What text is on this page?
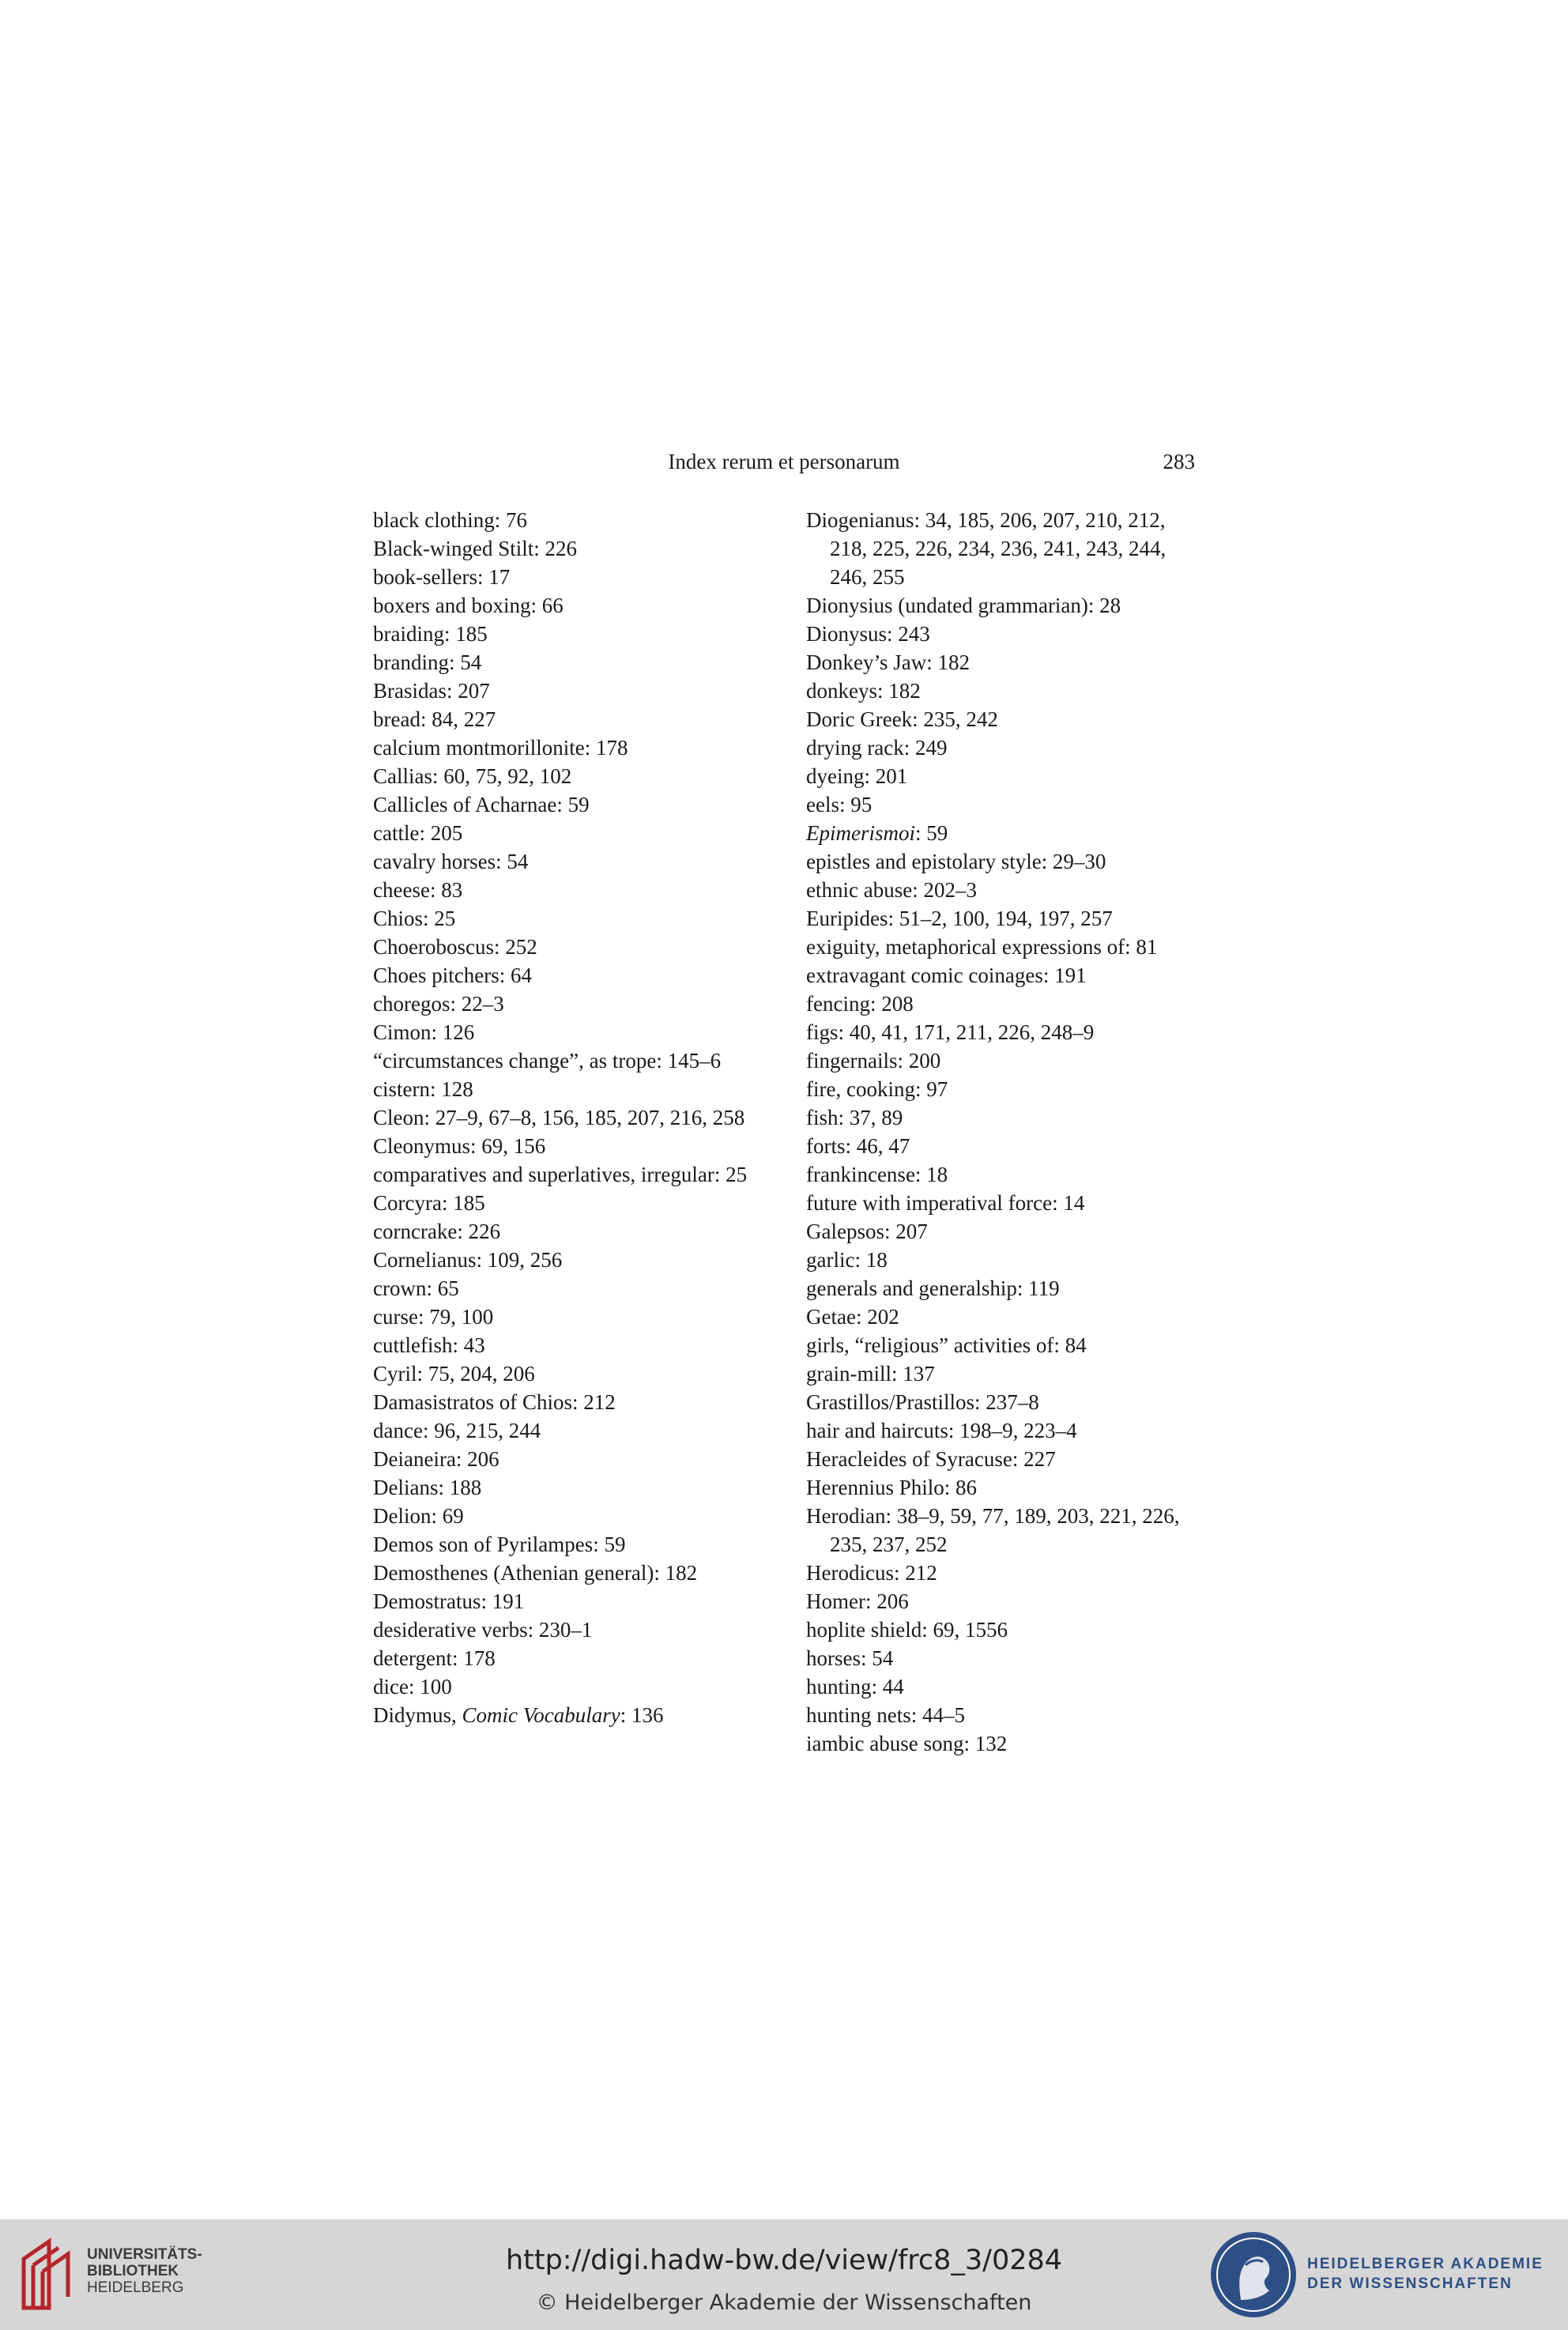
Index rerum et personarum	283

black clothing: 76

Black-winged Stilt: 226

book-sellers: 17

boxers and boxing: 66

braiding: 185

branding: 54

Brasidas: 207

bread: 84, 227

calcium montmorillonite: 178

Callias: 60, 75, 92, 102

Callicles of Acharnae: 59

cattle: 205

cavalry horses: 54

cheese: 83

Chios: 25

Choeroboscus: 252

Choes pitchers: 64

choregos: 22–3

Cimon: 126

“circumstances change”, as trope: 145–6

cistern: 128

Cleon: 27–9, 67–8, 156, 185, 207, 216, 258

Cleonymus: 69, 156

comparatives and superlatives, irregular: 25

Corcyra: 185

corncrake: 226

Cornelianus: 109, 256

crown: 65

curse: 79, 100

cuttlefish: 43

Cyril: 75, 204, 206

Damasistratos of Chios: 212

dance: 96, 215, 244

Deianeira: 206

Delians: 188

Delion: 69

Demos son of Pyrilampes: 59

Demosthenes (Athenian general): 182

Demostratus: 191

desiderative verbs: 230–1

detergent: 178

dice: 100

Didymus, Comic Vocabulary: 136

Diogenianus: 34, 185, 206, 207, 210, 212, 218, 225, 226, 234, 236, 241, 243, 244, 246, 255

Dionysius (undated grammarian): 28

Dionysus: 243

Donkey’s Jaw: 182

donkeys: 182

Doric Greek: 235, 242

drying rack: 249

dyeing: 201

eels: 95

Epimerismoi: 59

epistles and epistolary style: 29–30

ethnic abuse: 202–3

Euripides: 51–2, 100, 194, 197, 257

exiguity, metaphorical expressions of: 81

extravagant comic coinages: 191

fencing: 208

figs: 40, 41, 171, 211, 226, 248–9

fingernails: 200

fire, cooking: 97

fish: 37, 89

forts: 46, 47

frankincense: 18

future with imperatival force: 14

Galepsos: 207

garlic: 18

generals and generalship: 119

Getae: 202

girls, “religious” activities of: 84

grain-mill: 137

Grastillos/Prastillos: 237–8

hair and haircuts: 198–9, 223–4

Heracleides of Syracuse: 227

Herennius Philo: 86

Herodian: 38–9, 59, 77, 189, 203, 221, 226, 235, 237, 252

Herodicus: 212

Homer: 206

hoplite shield: 69, 1556

horses: 54

hunting: 44

hunting nets: 44–5

iambic abuse song: 132

UNIVERSITÄTS-
BIBLIOTHEK
HEIDELBERG
http://digi.hadw-bw.de/view/frc8_3/0284
© Heidelberger Akademie der Wissenschaften
HEIDELBERGER AKADEMIE
DER WISSENSCHAFTEN
